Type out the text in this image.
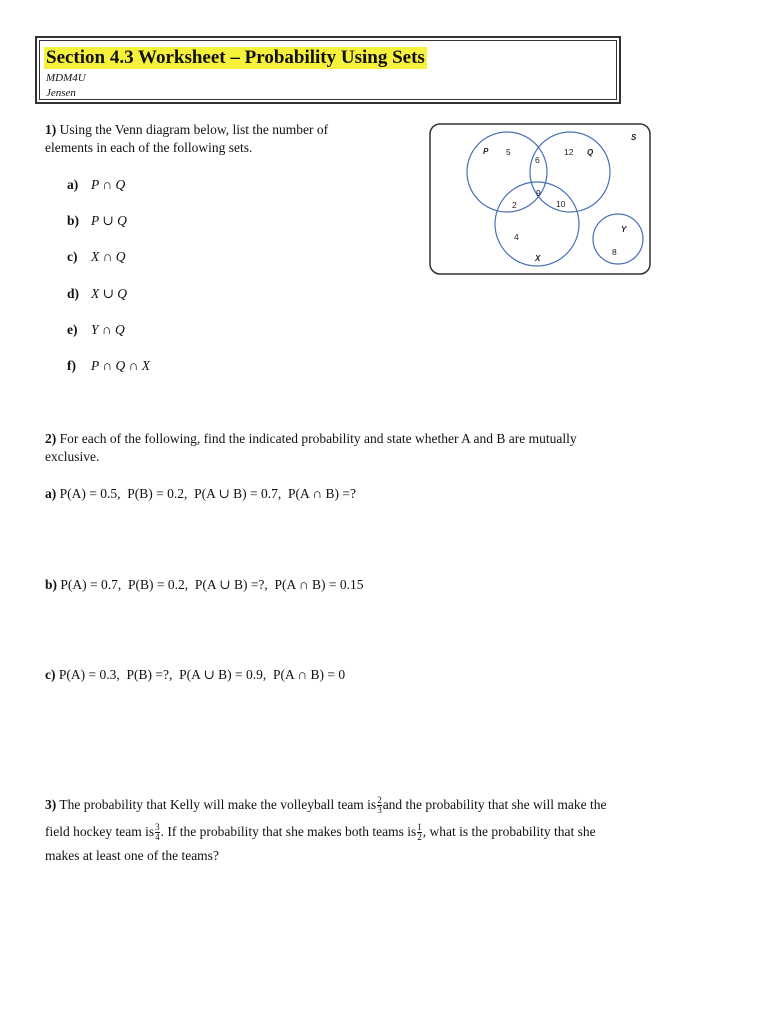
Section 4.3 Worksheet – Probability Using Sets
MDM4U
Jensen
1) Using the Venn diagram below, list the number of
elements in each of the following sets.
a) P ∩ Q
b) P ∪ Q
c) X ∩ Q
d) X ∪ Q
e) Y ∩ Q
f) P ∩ Q ∩ X
S
P	Q
X
Y
5
6
12
9
2	10
4
8
2) For each of the following, find the indicated probability and state whether A and B are mutually
exclusive.
a) P(A) = 0.5,  P(B) = 0.2,  P(A ∪ B) = 0.7,  P(A ∩ B) =?
b) P(A) = 0.7,  P(B) = 0.2,  P(A ∪ B) =?,  P(A ∩ B) = 0.15
c) P(A) = 0.3,  P(B) =?,  P(A ∪ B) = 0.9,  P(A ∩ B) = 0
3) The probability that Kelly will make the volleyball team is $\frac{2}{3}$ and the probability that she will make the
field hockey team is $\frac{3}{4}$ . If the probability that she makes both teams is $\frac{1}{2}$ , what is the probability that she
makes at least one of the teams?
